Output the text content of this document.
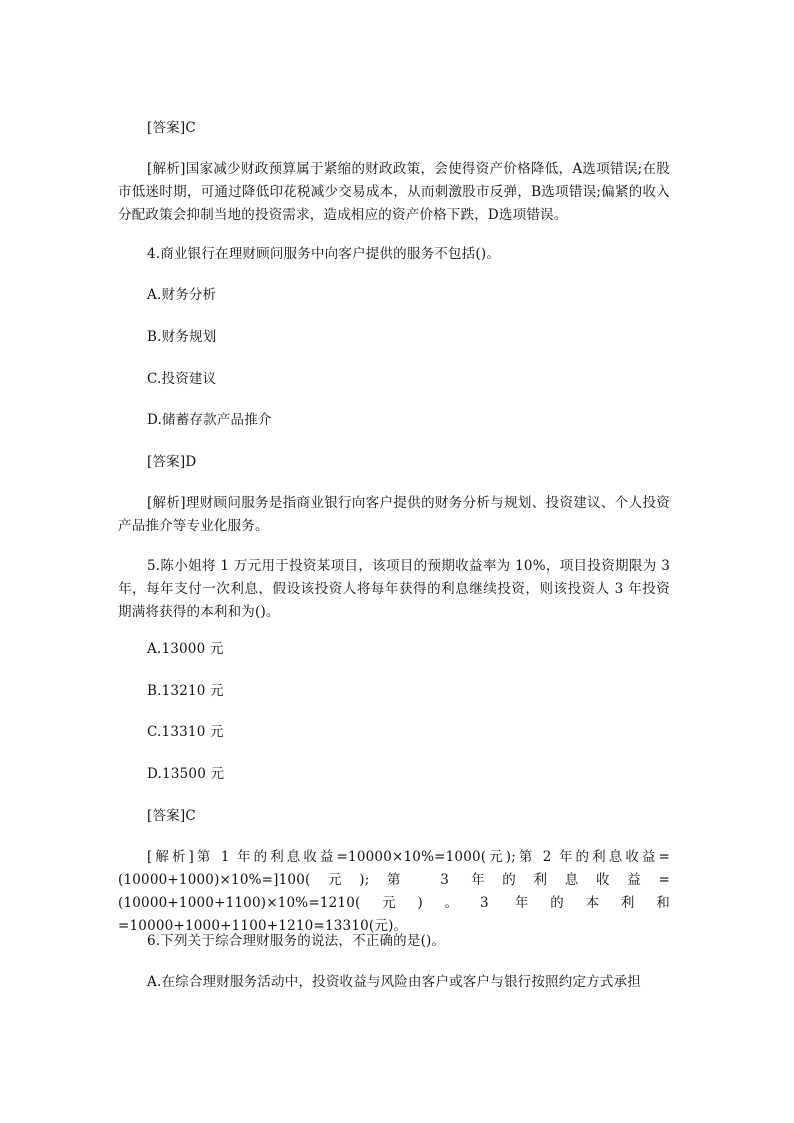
[答案]C
[解析]国家减少财政预算属于紧缩的财政政策，会使得资产价格降低，A选项错误;在股市低迷时期，可通过降低印花税减少交易成本，从而刺激股市反弹，B选项错误;偏紧的收入分配政策会抑制当地的投资需求，造成相应的资产价格下跌，D选项错误。
4.商业银行在理财顾问服务中向客户提供的服务不包括()。
A.财务分析
B.财务规划
C.投资建议
D.储蓄存款产品推介
[答案]D
[解析]理财顾问服务是指商业银行向客户提供的财务分析与规划、投资建议、个人投资产品推介等专业化服务。
5.陈小姐将 1 万元用于投资某项目，该项目的预期收益率为 10%，项目投资期限为 3 年，每年支付一次利息，假设该投资人将每年获得的利息继续投资，则该投资人 3 年投资期满将获得的本利和为()。
A.13000 元
B.13210 元
C.13310 元
D.13500 元
[答案]C
[解析]第 1 年的利息收益=10000×10%=1000(元);第 2 年的利息收益=(10000+1000)×10%=]100(元);第 3 年的利息收益=(10000+1000+1100)×10%=1210(元)。3 年的本利和=10000+1000+1100+1210=13310(元)。
6.下列关于综合理财服务的说法，不正确的是()。
A.在综合理财服务活动中，投资收益与风险由客户或客户与银行按照约定方式承担
